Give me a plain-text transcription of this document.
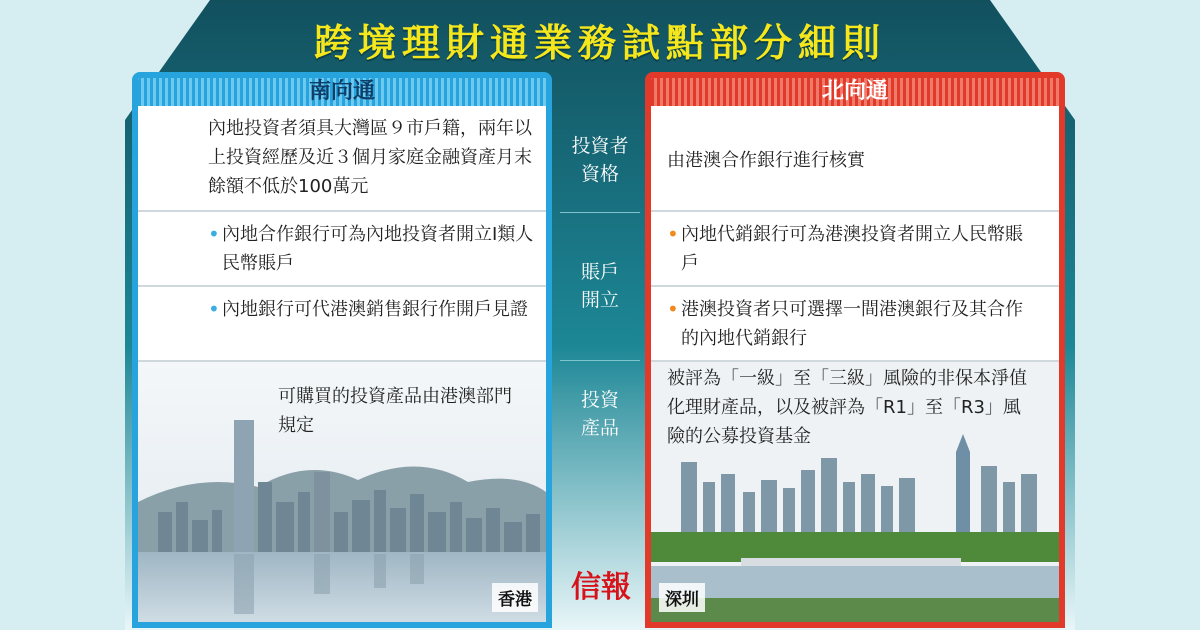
跨境理財通業務試點部分細則
南向通
內地投資者須具大灣區９市戶籍，兩年以上投資經歷及近３個月家庭金融資產月末餘額不低於100萬元
• 內地合作銀行可為內地投資者開立I類人民幣賬戶
• 內地銀行可代港澳銷售銀行作開戶見證
可購買的投資產品由港澳部門規定
香港
北向通
由港澳合作銀行進行核實
• 內地代銷銀行可為港澳投資者開立人民幣賬戶
• 港澳投資者只可選擇一間港澳銀行及其合作的內地代銷銀行
被評為「一級」至「三級」風險的非保本淨值化理財產品，以及被評為「R1」至「R3」風險的公募投資基金
深圳
投資者資格
賬戶開立
投資產品
信報
